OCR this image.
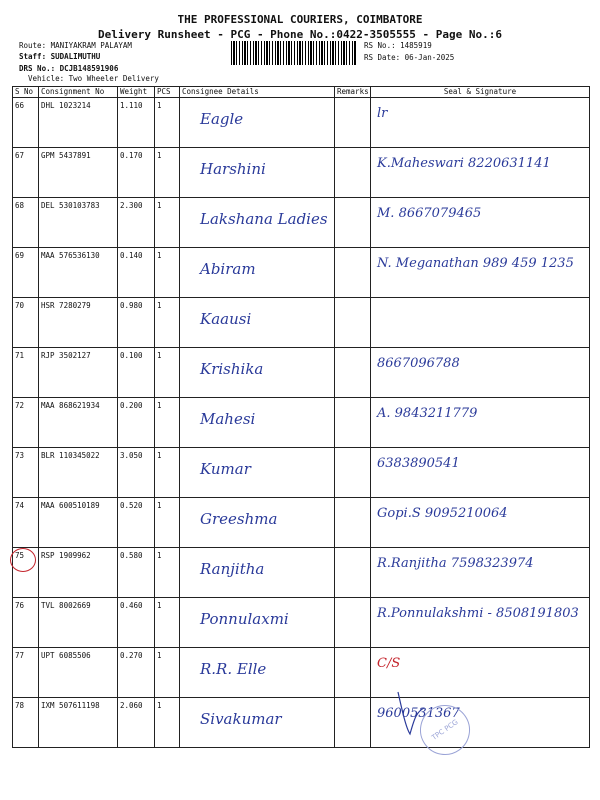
THE PROFESSIONAL COURIERS, COIMBATORE
Delivery Runsheet - PCG - Phone No.:0422-3505555 - Page No.:6
Route: MANIYAKRAM PALAYAM
Staff: SUDALIMUTHU
DRS No.: DCJB148591906
Vehicle: Two Wheeler Delivery
RS No.: 1485919
RS Date: 06-Jan-2025
S No	Consignment No	Weight	PCS	Consignee Details	Remarks	Seal & Signature
66	DHL 1023214	1.110	1	Eagle		lr

67	GPM 5437891	0.170	1	Harshini		K.Maheswari 8220631141

68	DEL 530103783	2.300	1	Lakshana Ladies		M. 8667079465

69	MAA 576536130	0.140	1	Abiram		N. Meganathan 989 459 1235

70	HSR 7280279	0.980	1	Kaausi		

71	RJP 3502127	0.100	1	Krishika		8667096788

72	MAA 868621934	0.200	1	Mahesi		A. 9843211779

73	BLR 110345022	3.050	1	Kumar		6383890541

74	MAA 600510189	0.520	1	Greeshma		Gopi.S 9095210064

75	RSP 1909962	0.580	1	Ranjitha		R.Ranjitha 7598323974

76	TVL 8002669	0.460	1	Ponnulaxmi		R.Ponnulakshmi - 8508191803

77	UPT 6085506	0.270	1	R.R. Elle		C/S

78	IXM 507611198	2.060	1	Sivakumar		9600531367
TPC PCG
